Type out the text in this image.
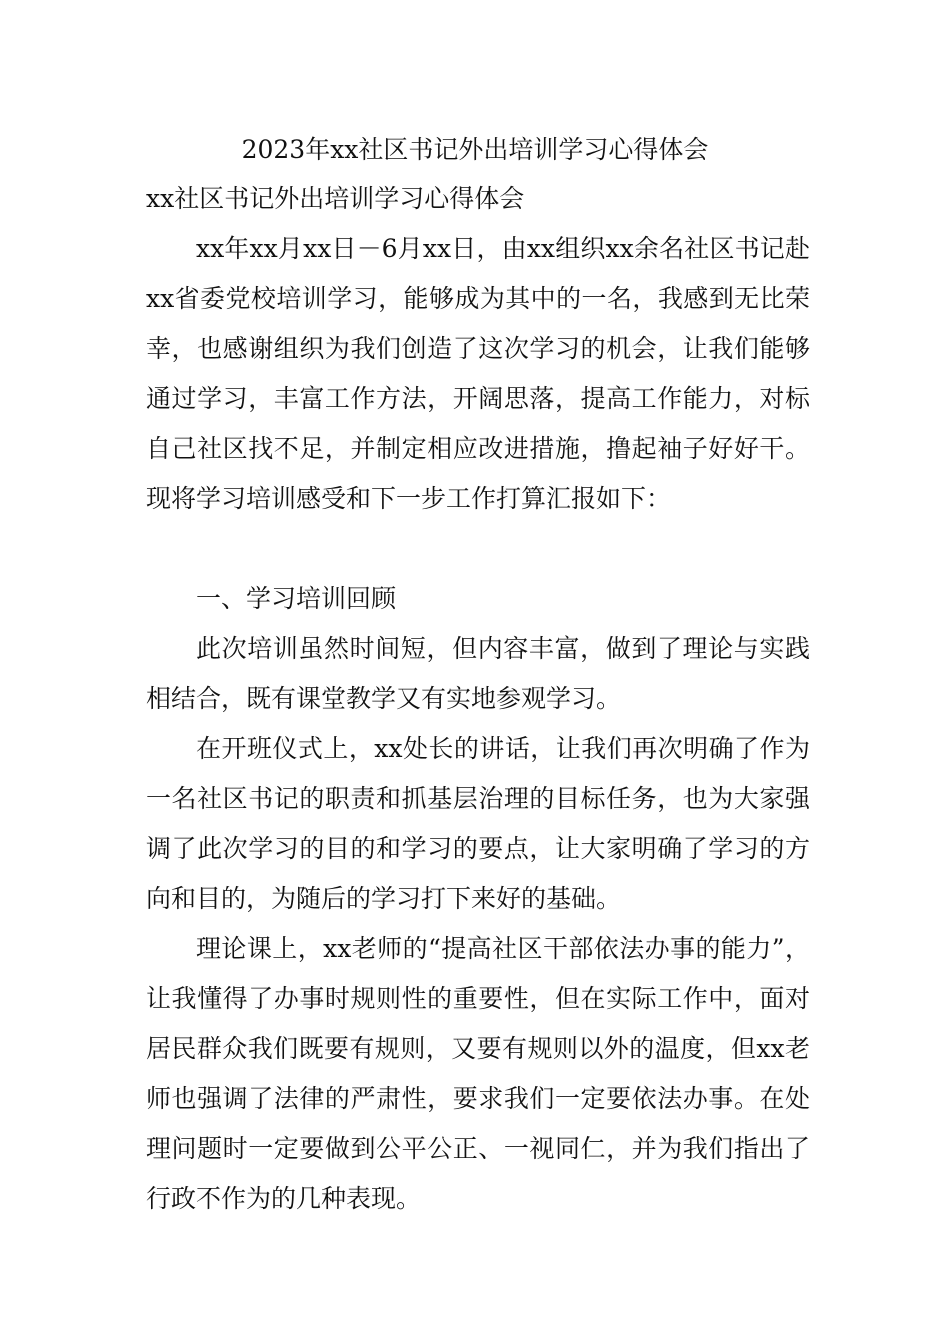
2023年xx社区书记外出培训学习心得体会
xx社区书记外出培训学习心得体会

xx年xx月xx日－6月xx日，由xx组织xx余名社区书记赴xx省委党校培训学习，能够成为其中的一名，我感到无比荣幸，也感谢组织为我们创造了这次学习的机会，让我们能够通过学习，丰富工作方法，开阔思落，提高工作能力，对标自己社区找不足，并制定相应改进措施，撸起袖子好好干。现将学习培训感受和下一步工作打算汇报如下：

一、学习培训回顾

此次培训虽然时间短，但内容丰富，做到了理论与实践相结合，既有课堂教学又有实地参观学习。

在开班仪式上，xx处长的讲话，让我们再次明确了作为一名社区书记的职责和抓基层治理的目标任务，也为大家强调了此次学习的目的和学习的要点，让大家明确了学习的方向和目的，为随后的学习打下来好的基础。

理论课上，xx老师的“提高社区干部依法办事的能力”，让我懂得了办事时规则性的重要性，但在实际工作中，面对居民群众我们既要有规则，又要有规则以外的温度，但xx老师也强调了法律的严肃性，要求我们一定要依法办事。在处理问题时一定要做到公平公正、一视同仁，并为我们指出了行政不作为的几种表现。
